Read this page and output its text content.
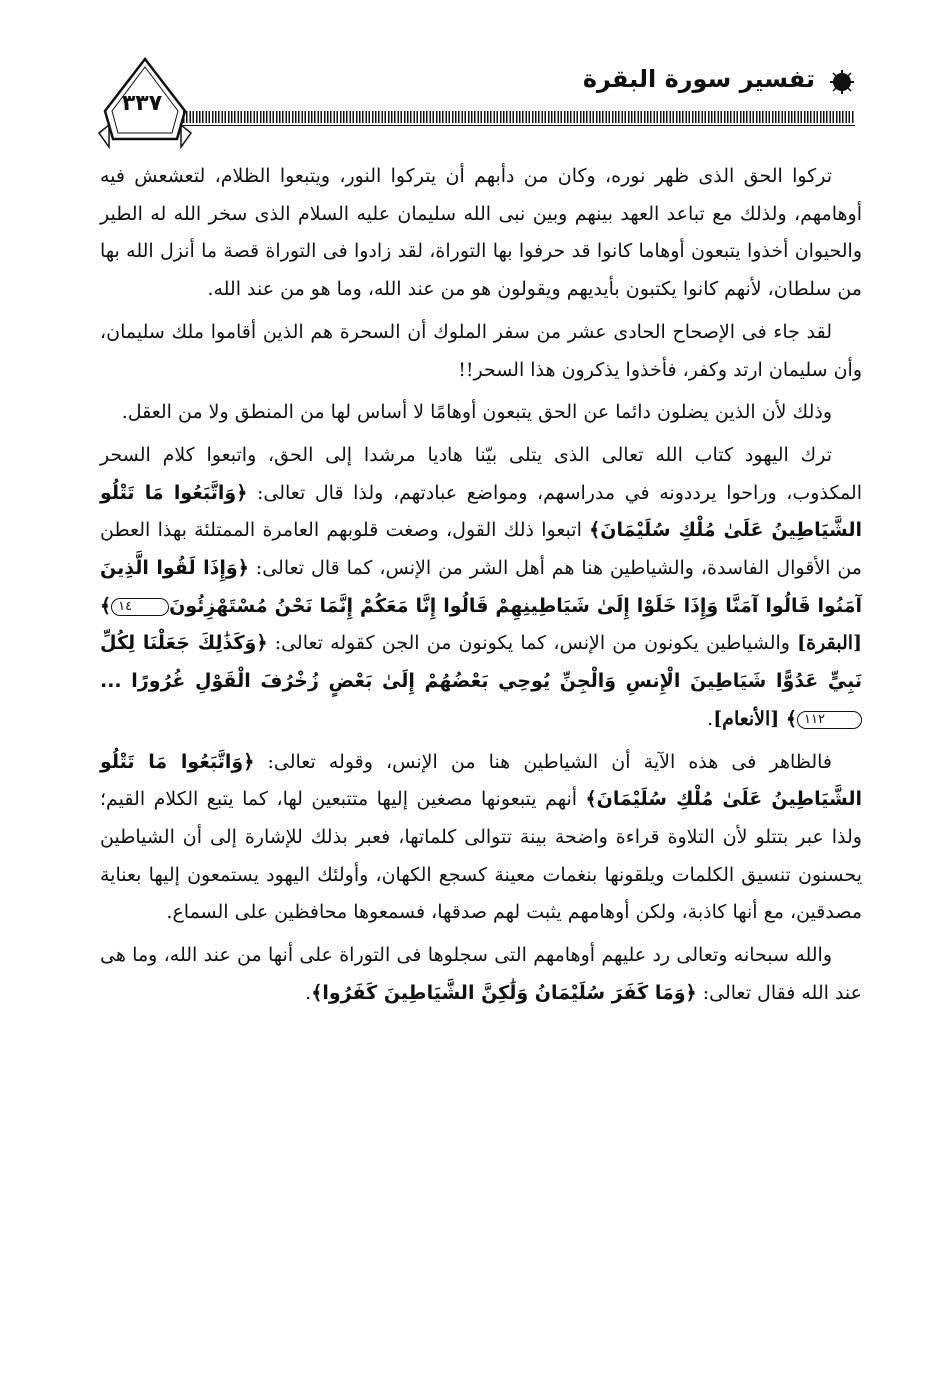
٣٣٧
تفسير سورة البقرة

تركوا الحق الذى ظهر نوره، وكان من دأبهم أن يتركوا النور، ويتبعوا الظلام، لتعشعش فيه أوهامهم، ولذلك مع تباعد العهد بينهم وبين نبى الله سليمان عليه السلام الذى سخر الله له الطير والحيوان أخذوا يتبعون أوهاما كانوا قد حرفوا بها التوراة، لقد زادوا فى التوراة قصة ما أنزل الله بها من سلطان، لأنهم كانوا يكتبون بأيديهم ويقولون هو من عند الله، وما هو من عند الله.

لقد جاء فى الإصحاح الحادى عشر من سفر الملوك أن السحرة هم الذين أقاموا ملك سليمان، وأن سليمان ارتد وكفر، فأخذوا يذكرون هذا السحر!!

وذلك لأن الذين يضلون دائما عن الحق يتبعون أوهامًا لا أساس لها من المنطق ولا من العقل.

ترك اليهود كتاب الله تعالى الذى يتلى بيّنا هاديا مرشدا إلى الحق، واتبعوا كلام السحر المكذوب، وراحوا يرددونه في مدراسهم، ومواضع عبادتهم، ولذا قال تعالى: ﴿وَاتَّبَعُوا مَا تَتْلُو الشَّيَاطِينُ عَلَىٰ مُلْكِ سُلَيْمَانَ﴾ اتبعوا ذلك القول، وصغت قلوبهم العامرة الممتلئة بهذا العطن من الأقوال الفاسدة، والشياطين هنا هم أهل الشر من الإنس، كما قال تعالى: ﴿وَإِذَا لَقُوا الَّذِينَ آمَنُوا قَالُوا آمَنَّا وَإِذَا خَلَوْا إِلَىٰ شَيَاطِينِهِمْ قَالُوا إِنَّا مَعَكُمْ إِنَّمَا نَحْنُ مُسْتَهْزِئُونَ١٤﴾ [البقرة] والشياطين يكونون من الإنس، كما يكونون من الجن كقوله تعالى: ﴿وَكَذَٰلِكَ جَعَلْنَا لِكُلِّ نَبِيٍّ عَدُوًّا شَيَاطِينَ الْإِنسِ وَالْجِنِّ يُوحِي بَعْضُهُمْ إِلَىٰ بَعْضٍ زُخْرُفَ الْقَوْلِ غُرُورًا ...١١٢﴾ [الأنعام].

فالظاهر فى هذه الآية أن الشياطين هنا من الإنس، وقوله تعالى: ﴿وَاتَّبَعُوا مَا تَتْلُو الشَّيَاطِينُ عَلَىٰ مُلْكِ سُلَيْمَانَ﴾ أنهم يتبعونها مصغين إليها متتبعين لها، كما يتبع الكلام القيم؛ ولذا عبر بتتلو لأن التلاوة قراءة واضحة بينة تتوالى كلماتها، فعبر بذلك للإشارة إلى أن الشياطين يحسنون تنسيق الكلمات ويلقونها بنغمات معينة كسجع الكهان، وأولئك اليهود يستمعون إليها بعناية مصدقين، مع أنها كاذبة، ولكن أوهامهم يثبت لهم صدقها، فسمعوها محافظين على السماع.

والله سبحانه وتعالى رد عليهم أوهامهم التى سجلوها فى التوراة على أنها من عند الله، وما هى عند الله فقال تعالى: ﴿وَمَا كَفَرَ سُلَيْمَانُ وَلَٰكِنَّ الشَّيَاطِينَ كَفَرُوا﴾.
